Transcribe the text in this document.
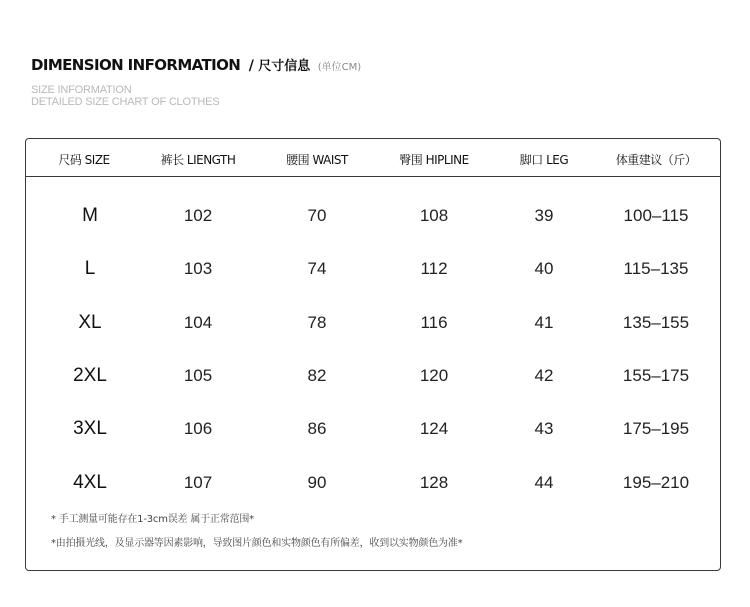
DIMENSION INFORMATION / 尺寸信息 (单位CM)
SIZE INFORMATION
DETAILED SIZE CHART OF CLOTHES
尺码 SIZE	裤长 LIENGTH	腰围 WAIST	臀围 HIPLINE	脚口 LEG	体重建议（斤）
M	102	70	108	39	100–115
L	103	74	112	40	115–135
XL	104	78	116	41	135–155
2XL	105	82	120	42	155–175
3XL	106	86	124	43	175–195
4XL	107	90	128	44	195–210
* 手工测量可能存在1-3cm误差 属于正常范围*
*由拍摄光线，及显示器等因素影响，导致图片颜色和实物颜色有所偏差，收到以实物颜色为准*
